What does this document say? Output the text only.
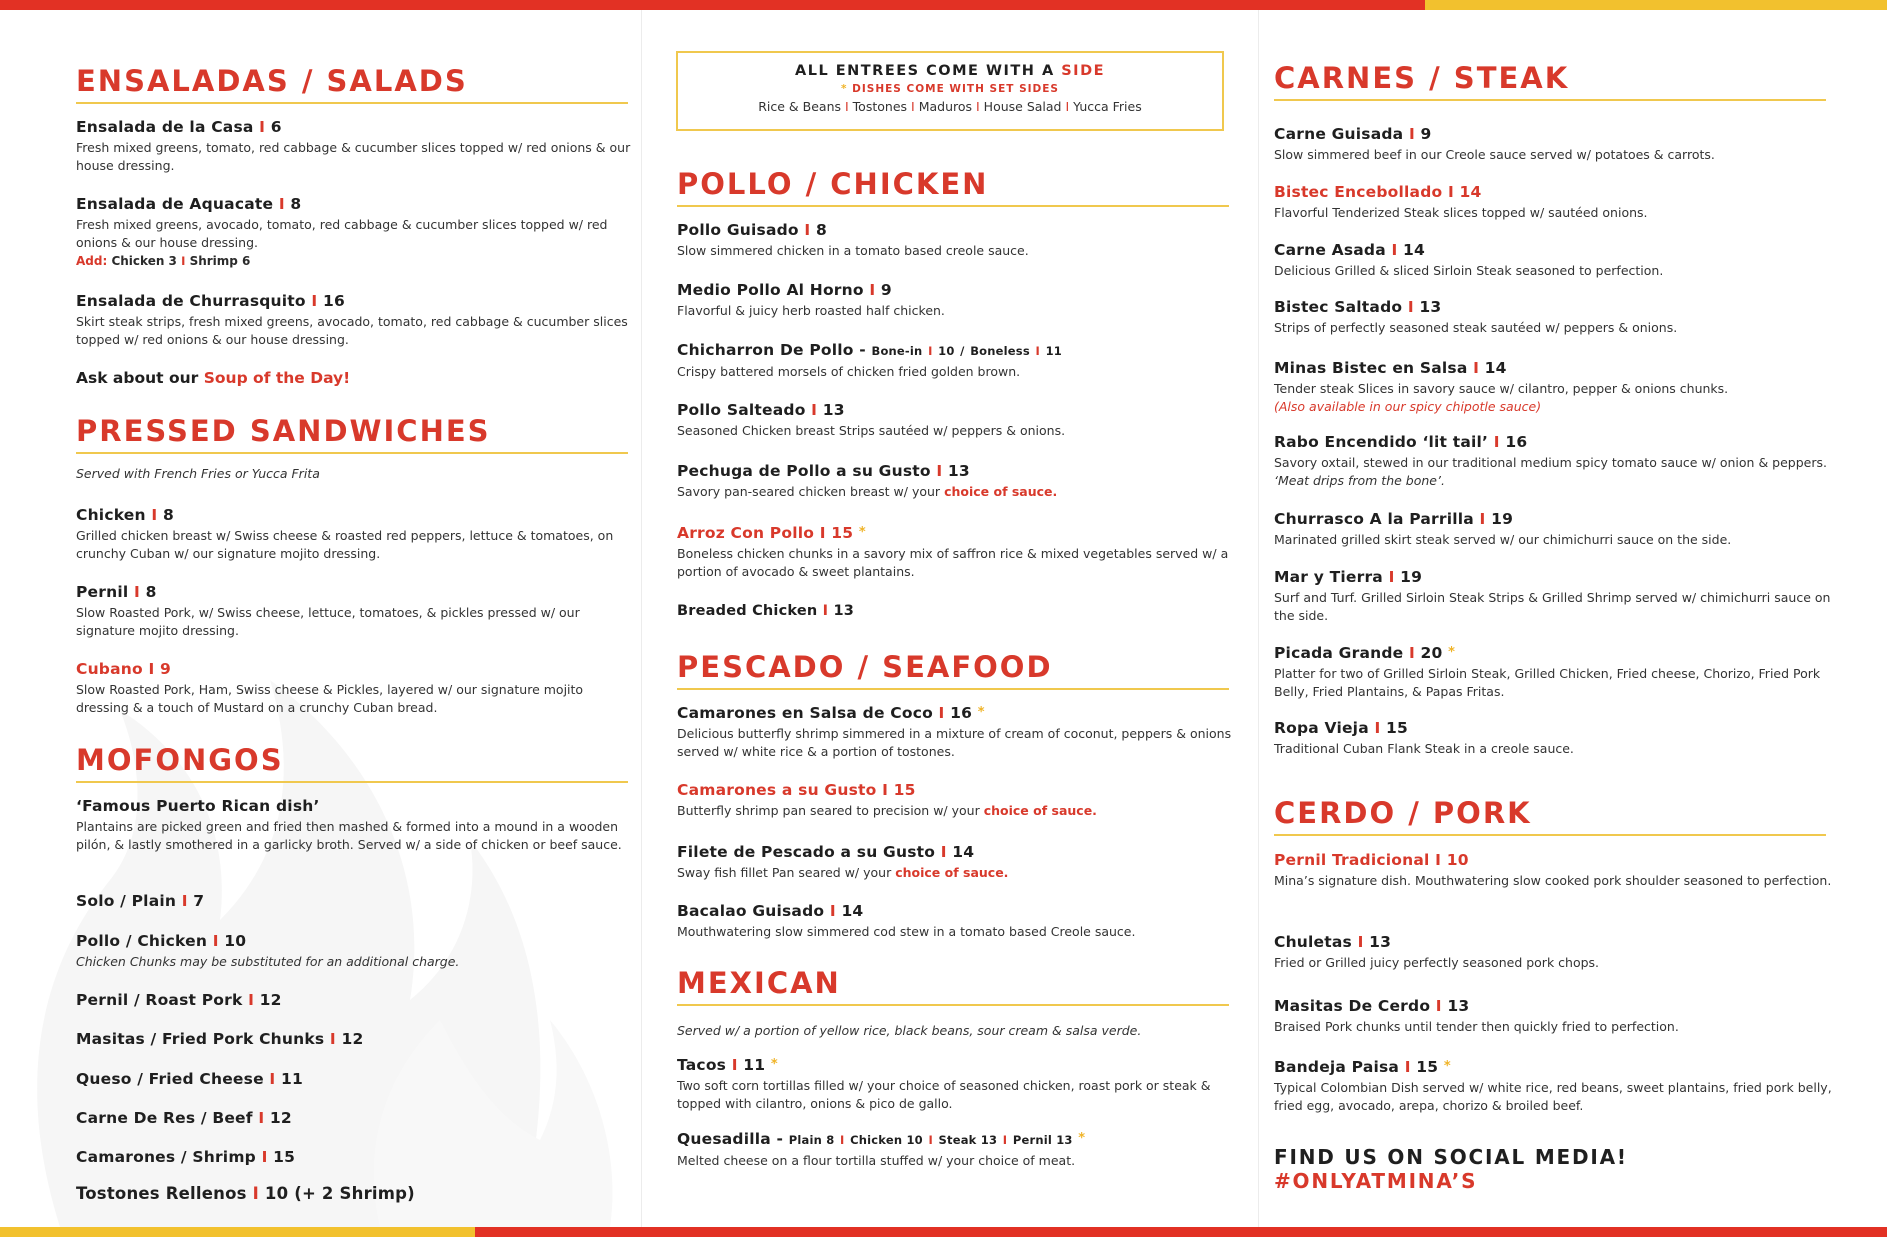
ENSALADAS / SALADS
Ensalada de la Casa I 6
Fresh mixed greens, tomato, red cabbage & cucumber slices topped w/ red onions & our house dressing.
Ensalada de Aquacate I 8
Fresh mixed greens, avocado, tomato, red cabbage & cucumber slices topped w/ red onions & our house dressing.
Add: Chicken 3 I Shrimp 6
Ensalada de Churrasquito I 16
Skirt steak strips, fresh mixed greens, avocado, tomato, red cabbage & cucumber slices topped w/ red onions & our house dressing.
Ask about our Soup of the Day!
PRESSED SANDWICHES
Served with French Fries or Yucca Frita
Chicken I 8
Grilled chicken breast w/ Swiss cheese & roasted red peppers, lettuce & tomatoes, on crunchy Cuban w/ our signature mojito dressing.
Pernil I 8
Slow Roasted Pork, w/ Swiss cheese, lettuce, tomatoes, & pickles pressed w/ our signature mojito dressing.
Cubano I 9
Slow Roasted Pork, Ham, Swiss cheese & Pickles, layered w/ our signature mojito dressing & a touch of Mustard on a crunchy Cuban bread.
MOFONGOS
‘Famous Puerto Rican dish’
Plantains are picked green and fried then mashed & formed into a mound in a wooden pilón, & lastly smothered in a garlicky broth. Served w/ a side of chicken or beef sauce.
Solo / Plain I 7
Pollo / Chicken I 10
Chicken Chunks may be substituted for an additional charge.
Pernil / Roast Pork I 12
Masitas / Fried Pork Chunks I 12
Queso / Fried Cheese I 11
Carne De Res / Beef I 12
Camarones / Shrimp I 15
Tostones Rellenos I 10 (+ 2 Shrimp)
ALL ENTREES COME WITH A SIDE
* DISHES COME WITH SET SIDES
Rice & Beans I Tostones I Maduros I House Salad I Yucca Fries
POLLO / CHICKEN
Pollo Guisado I 8
Slow simmered chicken in a tomato based creole sauce.
Medio Pollo Al Horno I 9
Flavorful & juicy herb roasted half chicken.
Chicharron De Pollo - Bone-in I 10 / Boneless I 11
Crispy battered morsels of chicken fried golden brown.
Pollo Salteado I 13
Seasoned Chicken breast Strips sautéed w/ peppers & onions.
Pechuga de Pollo a su Gusto I 13
Savory pan-seared chicken breast w/ your choice of sauce.
Arroz Con Pollo I 15 *
Boneless chicken chunks in a savory mix of saffron rice & mixed vegetables served w/ a portion of avocado & sweet plantains.
Breaded Chicken I 13
PESCADO / SEAFOOD
Camarones en Salsa de Coco I 16 *
Delicious butterfly shrimp simmered in a mixture of cream of coconut, peppers & onions served w/ white rice & a portion of tostones.
Camarones a su Gusto I 15
Butterfly shrimp pan seared to precision w/ your choice of sauce.
Filete de Pescado a su Gusto I 14
Sway fish fillet Pan seared w/ your choice of sauce.
Bacalao Guisado I 14
Mouthwatering slow simmered cod stew in a tomato based Creole sauce.
MEXICAN
Served w/ a portion of yellow rice, black beans, sour cream & salsa verde.
Tacos I 11 *
Two soft corn tortillas filled w/ your choice of seasoned chicken, roast pork or steak & topped with cilantro, onions & pico de gallo.
Quesadilla - Plain 8 I Chicken 10 I Steak 13 I Pernil 13 *
Melted cheese on a flour tortilla stuffed w/ your choice of meat.
CARNES / STEAK
Carne Guisada I 9
Slow simmered beef in our Creole sauce served w/ potatoes & carrots.
Bistec Encebollado I 14
Flavorful Tenderized Steak slices topped w/ sautéed onions.
Carne Asada I 14
Delicious Grilled & sliced Sirloin Steak seasoned to perfection.
Bistec Saltado I 13
Strips of perfectly seasoned steak sautéed w/ peppers & onions.
Minas Bistec en Salsa I 14
Tender steak Slices in savory sauce w/ cilantro, pepper & onions chunks.
(Also available in our spicy chipotle sauce)
Rabo Encendido ‘lit tail’ I 16
Savory oxtail, stewed in our traditional medium spicy tomato sauce w/ onion & peppers. ‘Meat drips from the bone’.
Churrasco A la Parrilla I 19
Marinated grilled skirt steak served w/ our chimichurri sauce on the side.
Mar y Tierra I 19
Surf and Turf. Grilled Sirloin Steak Strips & Grilled Shrimp served w/ chimichurri sauce on the side.
Picada Grande I 20 *
Platter for two of Grilled Sirloin Steak, Grilled Chicken, Fried cheese, Chorizo, Fried Pork Belly, Fried Plantains, & Papas Fritas.
Ropa Vieja I 15
Traditional Cuban Flank Steak in a creole sauce.
CERDO / PORK
Pernil Tradicional I 10
Mina’s signature dish. Mouthwatering slow cooked pork shoulder seasoned to perfection.
Chuletas I 13
Fried or Grilled juicy perfectly seasoned pork chops.
Masitas De Cerdo I 13
Braised Pork chunks until tender then quickly fried to perfection.
Bandeja Paisa I 15 *
Typical Colombian Dish served w/ white rice, red beans, sweet plantains, fried pork belly, fried egg, avocado, arepa, chorizo & broiled beef.
FIND US ON SOCIAL MEDIA! #ONLYATMINA’S
